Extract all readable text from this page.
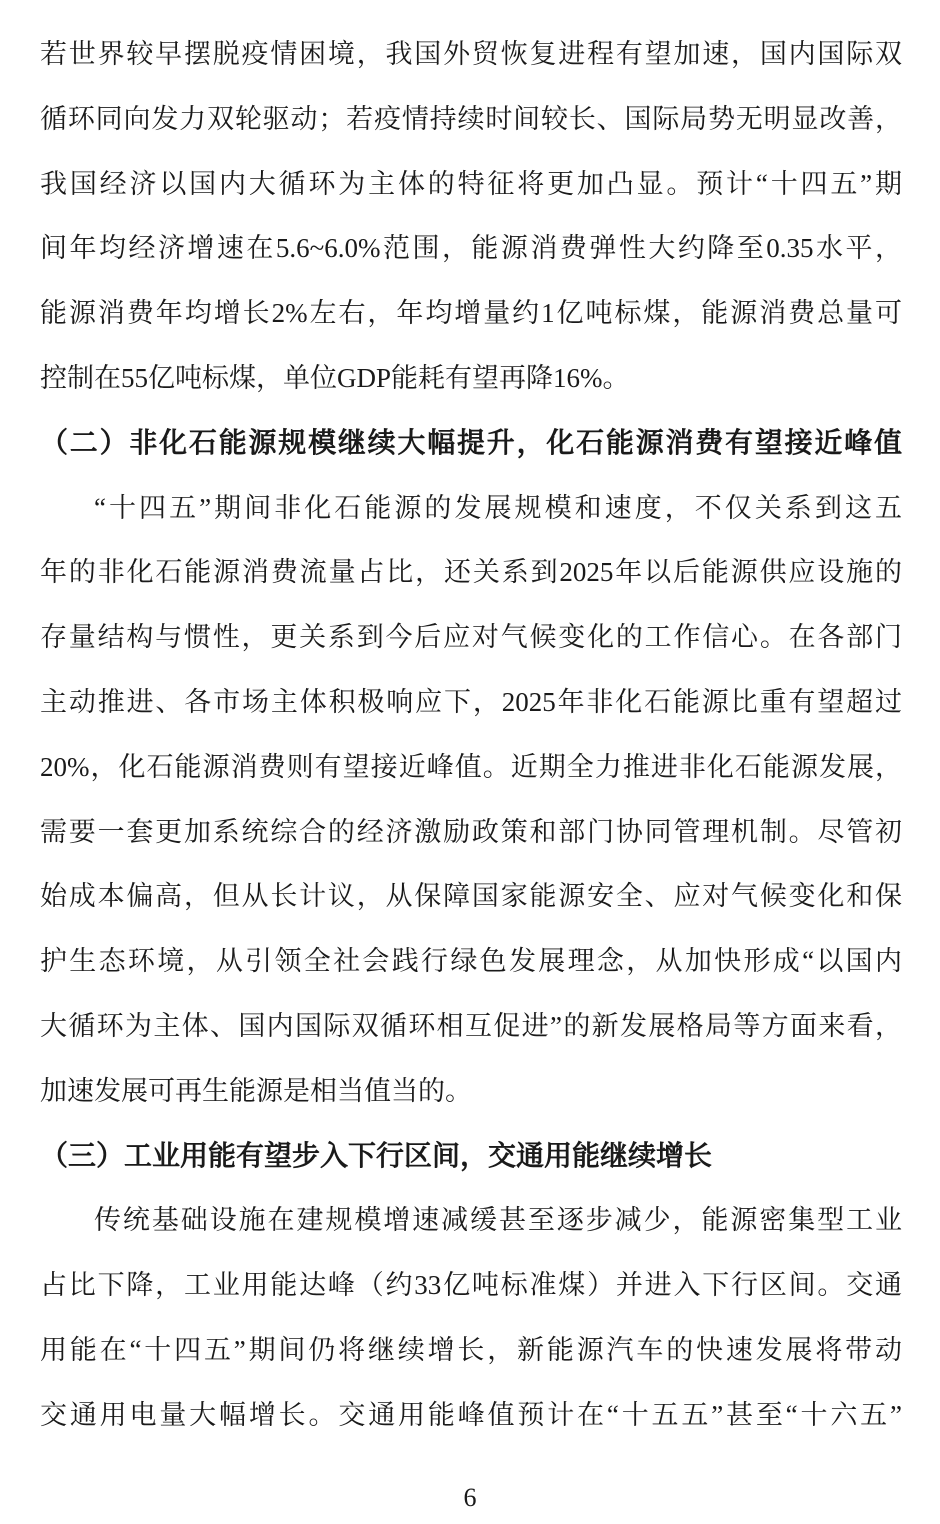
若世界较早摆脱疫情困境，我国外贸恢复进程有望加速，国内国际双
循环同向发力双轮驱动；若疫情持续时间较长、国际局势无明显改善，
我国经济以国内大循环为主体的特征将更加凸显。预计“十四五”期
间年均经济增速在5.6~6.0%范围，能源消费弹性大约降至0.35水平，
能源消费年均增长2%左右，年均增量约1亿吨标煤，能源消费总量可
控制在55亿吨标煤，单位GDP能耗有望再降16%。
（二）非化石能源规模继续大幅提升，化石能源消费有望接近峰值
“十四五”期间非化石能源的发展规模和速度，不仅关系到这五
年的非化石能源消费流量占比，还关系到2025年以后能源供应设施的
存量结构与惯性，更关系到今后应对气候变化的工作信心。在各部门
主动推进、各市场主体积极响应下，2025年非化石能源比重有望超过
20%，化石能源消费则有望接近峰值。近期全力推进非化石能源发展，
需要一套更加系统综合的经济激励政策和部门协同管理机制。尽管初
始成本偏高，但从长计议，从保障国家能源安全、应对气候变化和保
护生态环境，从引领全社会践行绿色发展理念，从加快形成“以国内
大循环为主体、国内国际双循环相互促进”的新发展格局等方面来看，
加速发展可再生能源是相当值当的。
（三）工业用能有望步入下行区间，交通用能继续增长
传统基础设施在建规模增速减缓甚至逐步减少，能源密集型工业
占比下降，工业用能达峰（约33亿吨标准煤）并进入下行区间。交通
用能在“十四五”期间仍将继续增长，新能源汽车的快速发展将带动
交通用电量大幅增长。交通用能峰值预计在“十五五”甚至“十六五”
6
